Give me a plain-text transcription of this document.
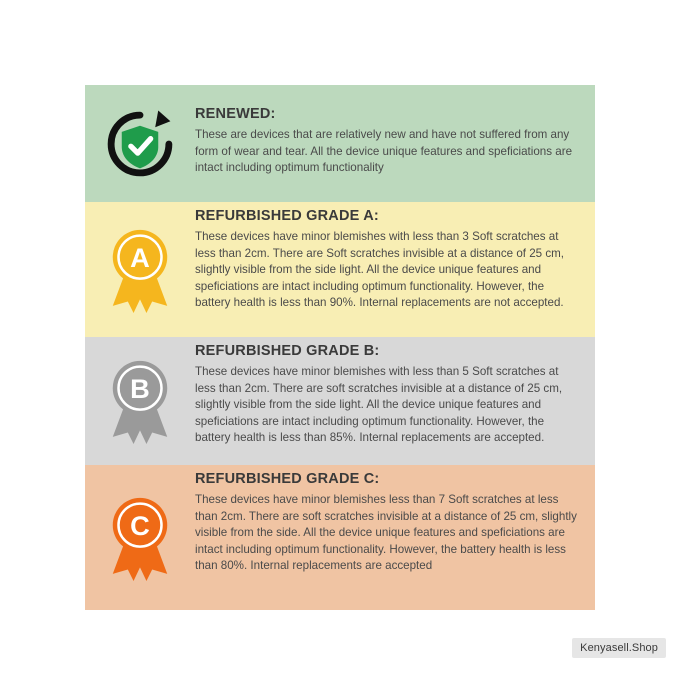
RENEWED:

These are devices that are relatively new and have not suffered from any form of wear and tear. All the device unique features and speficiations are intact including optimum functionality

A

REFURBISHED GRADE A:

These devices have minor blemishes with less than 3 Soft scratches at less than 2cm. There are Soft scratches invisible at a distance of 25 cm, slightly visible from the side light. All the device unique features and speficiations are intact including optimum functionality. However, the battery health is less than 90%. Internal replacements are not accepted.

B

REFURBISHED GRADE B:

These devices have minor blemishes with less than 5 Soft scratches at less than 2cm. There are soft scratches invisible at a distance of 25 cm, slightly visible from the side light. All the device unique features and speficiations are intact including optimum functionality. However, the battery health is less than 85%. Internal replacements are accepted.

C

REFURBISHED GRADE C:

These devices have minor blemishes less than 7 Soft scratches at less than 2cm. There are soft scratches invisible at a distance of 25 cm, slightly visible from the side. All the device unique features and speficiations are intact including optimum functionality. However, the battery health is less than 80%. Internal replacements are accepted

Kenyasell.Shop
